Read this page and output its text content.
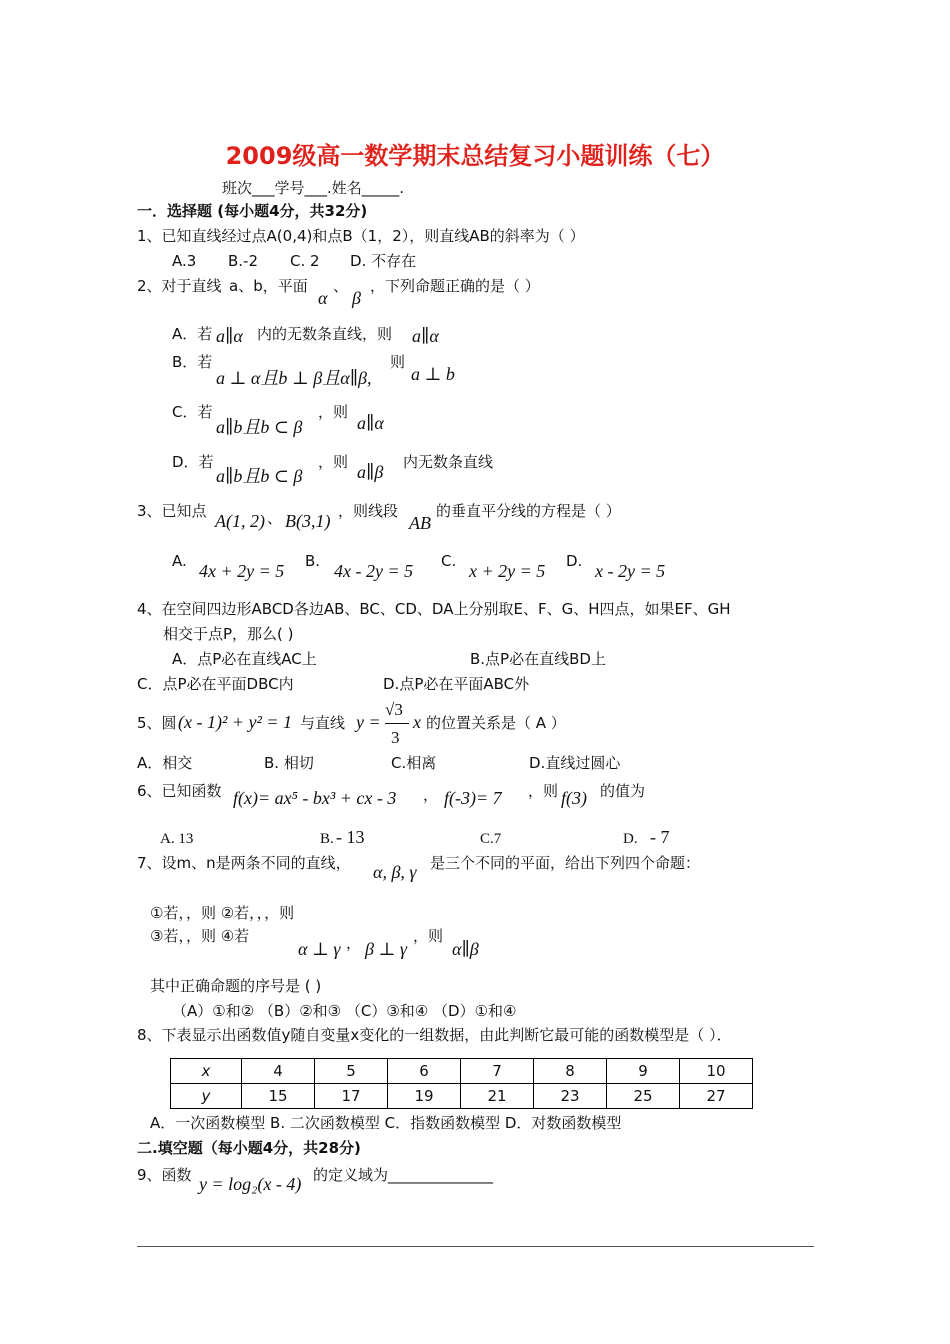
2009级高一数学期末总结复习小题训练（七）
班次___学号___.姓名_____.
一．选择题 (每小题4分，共32分)
1、已知直线经过点A(0,4)和点B（1，2），则直线AB的斜率为（ ）
A.3 B.-2 C. 2 D. 不存在
2、对于直线 a、b，平面
α
、
β
，下列命题正确的是（ ）
A．若 a∥α 内的无数条直线，则 a∥α
B．若	则
a ⊥ α且b ⊥ β且α∥β, a ⊥ b
C．若
a∥b且b ⊂ β
，则
a∥α
D．若
a∥b且b ⊂ β
，则 a∥β 内无数条直线
3、已知点 A(1, 2) 、 B(3,1) ，则线段
AB
的垂直平分线的方程是（ ）
A. 4x + 2y = 5 B. 4x - 2y = 5 C. x + 2y = 5 D. x - 2y = 5
4、在空间四边形ABCD各边AB、BC、CD、DA上分别取E、F、G、H四点，如果EF、GH
相交于点P，那么( )
A．点P必在直线AC上	B.点P必在直线BD上
C．点P必在平面DBC内	D.点P必在平面ABC外
5、圆 (x - 1)² + y² = 1 与直线 y =
√3
3
x 的位置关系是（ A ）
A．相交	B. 相切	C.相离	D.直线过圆心
6、已知函数 f(x)= ax⁵ - bx³ + cx - 3 ， f(-3)= 7 ，则 f(3) 的值为
A. 13	B. - 13	C.7	D. - 7
7、设m、n是两条不同的直线， α, β, γ 是三个不同的平面，给出下列四个命题：
①若，，则 ②若，，，则
③若，，则 ④若
α ⊥ γ ， β ⊥ γ
，则
α∥β
其中正确命题的序号是 ( )
（A）①和② （B）②和③ （C）③和④ （D）①和④
8、下表显示出函数值y随自变量x变化的一组数据，由此判断它最可能的函数模型是（ ）．
x	4	5	6	7	8	9	10
y	15	17	19	21	23	25	27
A．一次函数模型 B. 二次函数模型 C．指数函数模型 D．对数函数模型
二.填空题（每小题4分，共28分)
9、函数 y = log₂(x - 4) 的定义域为______________
